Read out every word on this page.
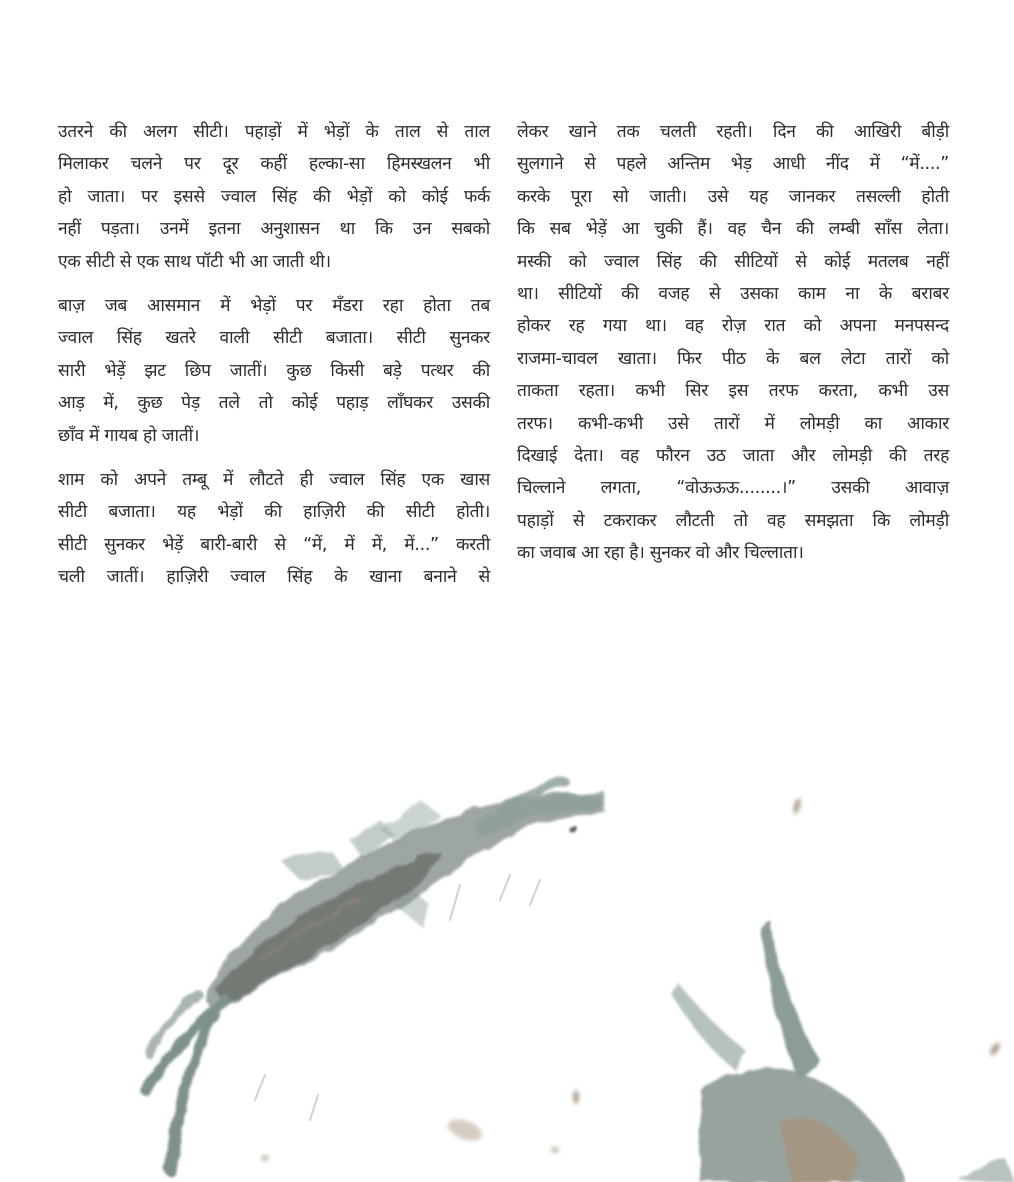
उतरने की अलग सीटी। पहाड़ों में भेड़ों के ताल से ताल
मिलाकर चलने पर दूर कहीं हल्का-सा हिमस्खलन भी
हो जाता। पर इससे ज्वाल सिंह की भेड़ों को कोई फर्क
नहीं पड़ता। उनमें इतना अनुशासन था कि उन सबको
एक सीटी से एक साथ पॉटी भी आ जाती थी।
बाज़ जब आसमान में भेड़ों पर मँडरा रहा होता तब
ज्वाल सिंह खतरे वाली सीटी बजाता। सीटी सुनकर
सारी भेड़ें झट छिप जातीं। कुछ किसी बड़े पत्थर की
आड़ में, कुछ पेड़ तले तो कोई पहाड़ लाँघकर उसकी
छाँव में गायब हो जातीं।
शाम को अपने तम्बू में लौटते ही ज्वाल सिंह एक खास
सीटी बजाता। यह भेड़ों की हाज़िरी की सीटी होती।
सीटी सुनकर भेड़ें बारी-बारी से “में, में में, में...” करती
चली जातीं। हाज़िरी ज्वाल सिंह के खाना बनाने से
लेकर खाने तक चलती रहती। दिन की आखिरी बीड़ी
सुलगाने से पहले अन्तिम भेड़ आधी नींद में “में....”
करके पूरा सो जाती। उसे यह जानकर तसल्ली होती
कि सब भेड़ें आ चुकी हैं। वह चैन की लम्बी साँस लेता।
मस्की को ज्वाल सिंह की सीटियों से कोई मतलब नहीं
था। सीटियों की वजह से उसका काम ना के बराबर
होकर रह गया था। वह रोज़ रात को अपना मनपसन्द
राजमा-चावल खाता। फिर पीठ के बल लेटा तारों को
ताकता रहता। कभी सिर इस तरफ करता, कभी उस
तरफ। कभी-कभी उसे तारों में लोमड़ी का आकार
दिखाई देता। वह फौरन उठ जाता और लोमड़ी की तरह
चिल्लाने लगता, “वोऊऊऊ........।” उसकी आवाज़
पहाड़ों से टकराकर लौटती तो वह समझता कि लोमड़ी
का जवाब आ रहा है। सुनकर वो और चिल्लाता।
